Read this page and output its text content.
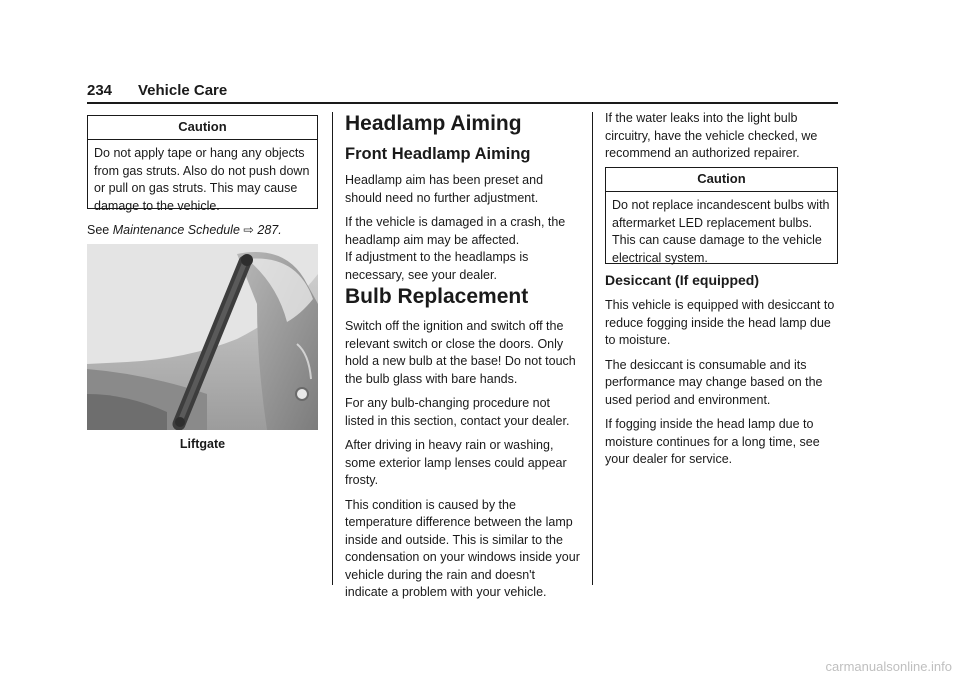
234 Vehicle Care
Caution
Do not apply tape or hang any objects from gas struts. Also do not push down or pull on gas struts. This may cause damage to the vehicle.
See Maintenance Schedule ⇨ 287.
Liftgate
Headlamp Aiming
Front Headlamp Aiming

Headlamp aim has been preset and should need no further adjustment.

If the vehicle is damaged in a crash, the headlamp aim may be affected.

If adjustment to the headlamps is necessary, see your dealer.

Bulb Replacement

Switch off the ignition and switch off the relevant switch or close the doors. Only hold a new bulb at the base! Do not touch the bulb glass with bare hands.

For any bulb-changing procedure not listed in this section, contact your dealer.

After driving in heavy rain or washing, some exterior lamp lenses could appear frosty.

This condition is caused by the temperature difference between the lamp inside and outside. This is similar to the condensation on your windows inside your vehicle during the rain and doesn't indicate a problem with your vehicle.

If the water leaks into the light bulb circuitry, have the vehicle checked, we recommend an authorized repairer.

Caution
Do not replace incandescent bulbs with aftermarket LED replacement bulbs. This can cause damage to the vehicle electrical system.
Desiccant (If equipped)

This vehicle is equipped with desiccant to reduce fogging inside the head lamp due to moisture.

The desiccant is consumable and its performance may change based on the used period and environment.

If fogging inside the head lamp due to moisture continues for a long time, see your dealer for service.

carmanualsonline.info
